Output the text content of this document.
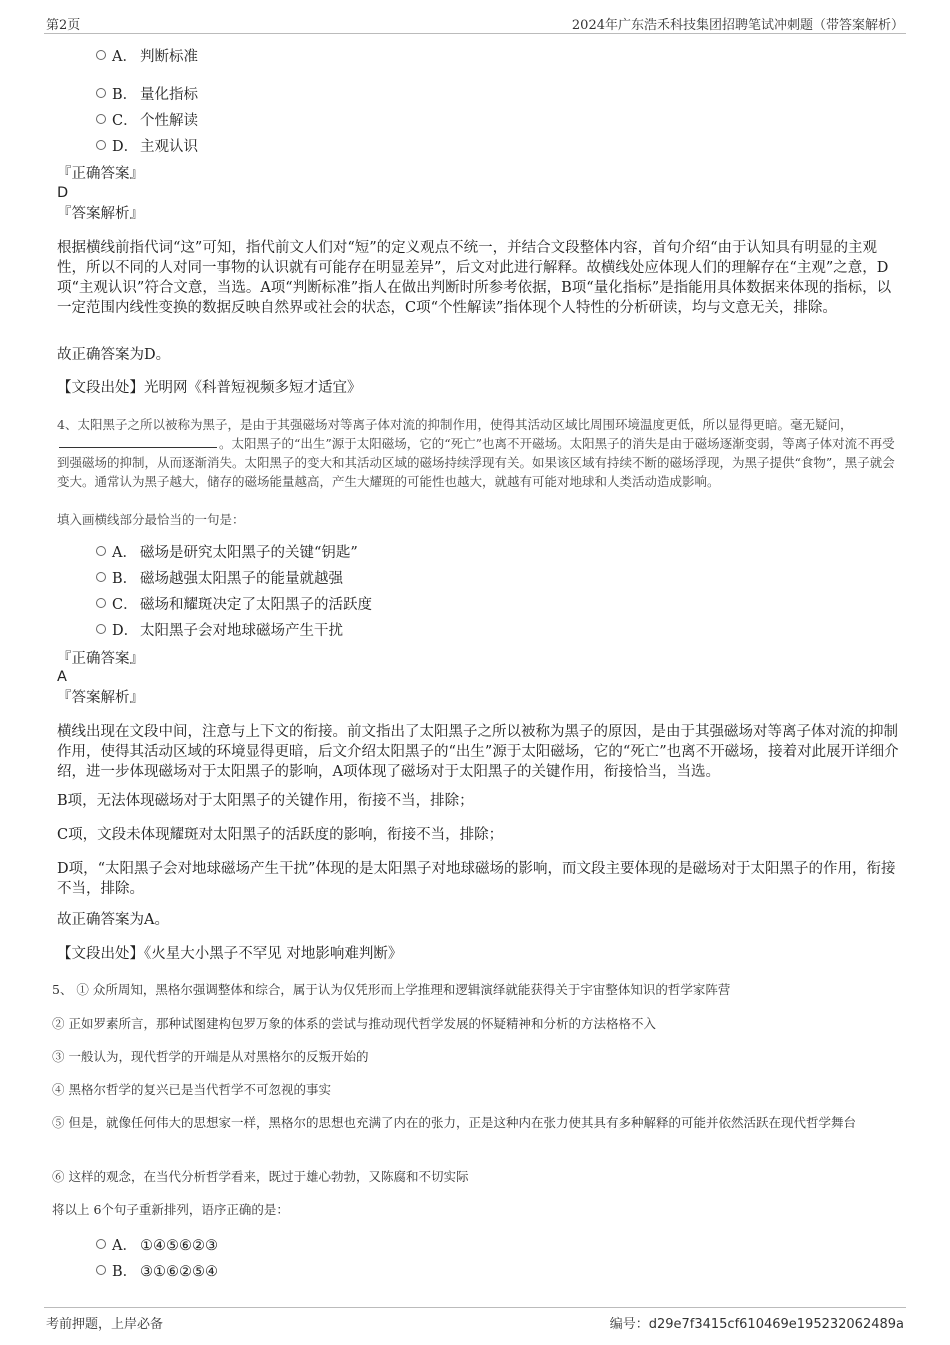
第2页	2024年广东浩禾科技集团招聘笔试冲刺题（带答案解析）
A． 判断标准
B． 量化指标
C． 个性解读
D． 主观认识
『正确答案』
D
『答案解析』
根据横线前指代词“这”可知，指代前文人们对“短”的定义观点不统一，并结合文段整体内容，首句介绍“由于认知具有明显的主观性，所以不同的人对同一事物的认识就有可能存在明显差异”，后文对此进行解释。故横线处应体现人们的理解存在“主观”之意，D项“主观认识”符合文意，当选。A项“判断标准”指人在做出判断时所参考依据，B项“量化指标”是指能用具体数据来体现的指标，以一定范围内线性变换的数据反映自然界或社会的状态，C项“个性解读”指体现个人特性的分析研读，均与文意无关，排除。
故正确答案为D。
【文段出处】光明网《科普短视频多短才适宜》
4、太阳黑子之所以被称为黑子，是由于其强磁场对等离子体对流的抑制作用，使得其活动区域比周围环境温度更低，所以显得更暗。毫无疑问，。太阳黑子的“出生”源于太阳磁场，它的“死亡”也离不开磁场。太阳黑子的消失是由于磁场逐渐变弱，等离子体对流不再受到强磁场的抑制，从而逐渐消失。太阳黑子的变大和其活动区域的磁场持续浮现有关。如果该区域有持续不断的磁场浮现，为黑子提供“食物”，黑子就会变大。通常认为黑子越大，储存的磁场能量越高，产生大耀斑的可能性也越大，就越有可能对地球和人类活动造成影响。
填入画横线部分最恰当的一句是：
A． 磁场是研究太阳黑子的关键“钥匙”
B． 磁场越强太阳黑子的能量就越强
C． 磁场和耀斑决定了太阳黑子的活跃度
D． 太阳黑子会对地球磁场产生干扰
『正确答案』
A
『答案解析』
横线出现在文段中间，注意与上下文的衔接。前文指出了太阳黑子之所以被称为黑子的原因，是由于其强磁场对等离子体对流的抑制作用，使得其活动区域的环境显得更暗，后文介绍太阳黑子的“出生”源于太阳磁场，它的“死亡”也离不开磁场，接着对此展开详细介绍，进一步体现磁场对于太阳黑子的影响，A项体现了磁场对于太阳黑子的关键作用，衔接恰当，当选。
B项，无法体现磁场对于太阳黑子的关键作用，衔接不当，排除；
C项，文段未体现耀斑对太阳黑子的活跃度的影响，衔接不当，排除；
D项，“太阳黑子会对地球磁场产生干扰”体现的是太阳黑子对地球磁场的影响，而文段主要体现的是磁场对于太阳黑子的作用，衔接不当，排除。
故正确答案为A。
【文段出处】《火星大小黑子不罕见 对地影响难判断》
5、 ① 众所周知，黑格尔强调整体和综合，属于认为仅凭形而上学推理和逻辑演绎就能获得关于宇宙整体知识的哲学家阵营
② 正如罗素所言，那种试图建构包罗万象的体系的尝试与推动现代哲学发展的怀疑精神和分析的方法格格不入
③ 一般认为，现代哲学的开端是从对黑格尔的反叛开始的
④ 黑格尔哲学的复兴已是当代哲学不可忽视的事实
⑤ 但是，就像任何伟大的思想家一样，黑格尔的思想也充满了内在的张力，正是这种内在张力使其具有多种解释的可能并依然活跃在现代哲学舞台
⑥ 这样的观念，在当代分析哲学看来，既过于雄心勃勃，又陈腐和不切实际
将以上 6个句子重新排列，语序正确的是：
A． ①④⑤⑥②③
B． ③①⑥②⑤④
考前押题，上岸必备	编号：d29e7f3415cf610469e195232062489a
